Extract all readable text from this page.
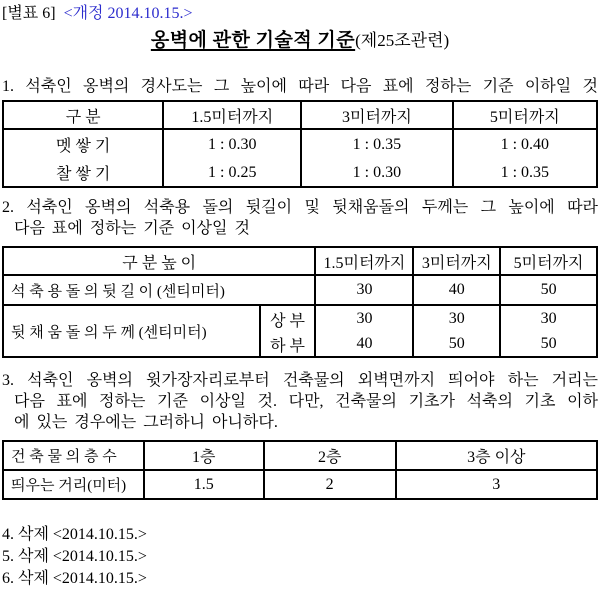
[별표 6] <개정 2014.10.15.>
옹벽에 관한 기술적 기준(제25조관련)
1. 석축인 옹벽의 경사도는 그 높이에 따라 다음 표에 정하는 기준 이하일 것
구 분	1.5미터까지	3미터까지	5미터까지
멧 쌓 기	1 : 0.30	1 : 0.35	1 : 0.40
찰 쌓 기	1 : 0.25	1 : 0.30	1 : 0.35
2. 석축인 옹벽의 석축용 돌의 뒷길이 및 뒷채움돌의 두께는 그 높이에 따라
다음 표에 정하는 기준 이상일 것
구 분 높 이		1.5미터까지	3미터까지	5미터까지
석 축 용 돌 의 뒷 길 이 (센티미터)		30	40	50
뒷 채 움 돌 의 두 께 (센티미터)	상 부	30	30	30
	하 부	40	50	50
3. 석축인 옹벽의 윗가장자리로부터 건축물의 외벽면까지 띄어야 하는 거리는
다음 표에 정하는 기준 이상일 것. 다만, 건축물의 기초가 석축의 기초 이하
에 있는 경우에는 그러하니 아니하다.
건 축 물 의 층 수	1층	2층	3층 이상
띄우는 거리(미터)	1.5	2	3
4. 삭제 <2014.10.15.>
5. 삭제 <2014.10.15.>
6. 삭제 <2014.10.15.>
